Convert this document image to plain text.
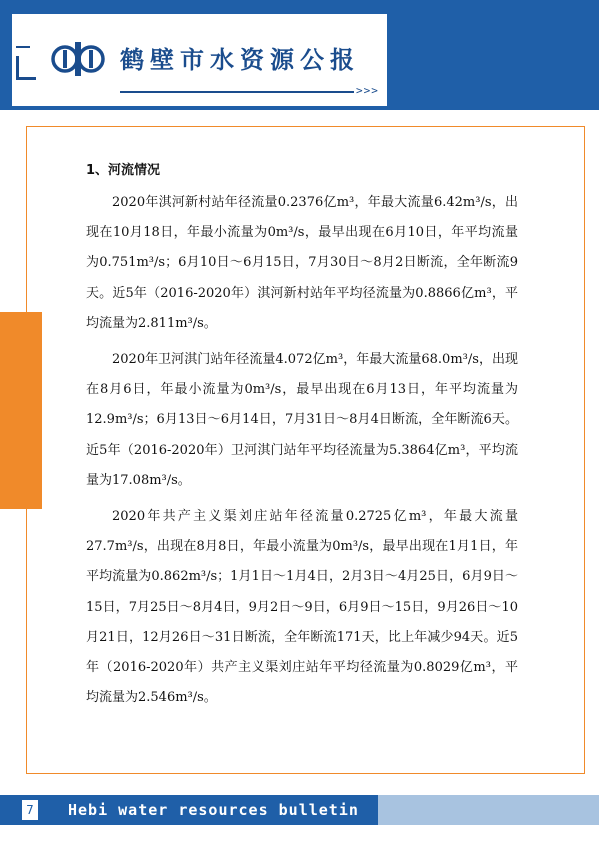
鹤壁市水资源公报
>>>
1、河流情况

2020年淇河新村站年径流量0.2376亿m³，年最大流量6.42m³/s，出现在10月18日，年最小流量为0m³/s，最早出现在6月10日，年平均流量为0.751m³/s；6月10日～6月15日，7月30日～8月2日断流，全年断流9天。近5年（2016-2020年）淇河新村站年平均径流量为0.8866亿m³，平均流量为2.811m³/s。

2020年卫河淇门站年径流量4.072亿m³，年最大流量68.0m³/s，出现在8月6日，年最小流量为0m³/s，最早出现在6月13日，年平均流量为12.9m³/s；6月13日～6月14日，7月31日～8月4日断流，全年断流6天。近5年（2016-2020年）卫河淇门站年平均径流量为5.3864亿m³，平均流量为17.08m³/s。

2020年共产主义渠刘庄站年径流量0.2725亿m³，年最大流量27.7m³/s，出现在8月8日，年最小流量为0m³/s，最早出现在1月1日，年平均流量为0.862m³/s；1月1日～1月4日，2月3日～4月25日，6月9日～15日，7月25日～8月4日，9月2日～9日，6月9日～15日，9月26日～10月21日，12月26日～31日断流，全年断流171天，比上年减少94天。近5年（2016-2020年）共产主义渠刘庄站年平均径流量为0.8029亿m³，平均流量为2.546m³/s。

7	Hebi water resources bulletin
